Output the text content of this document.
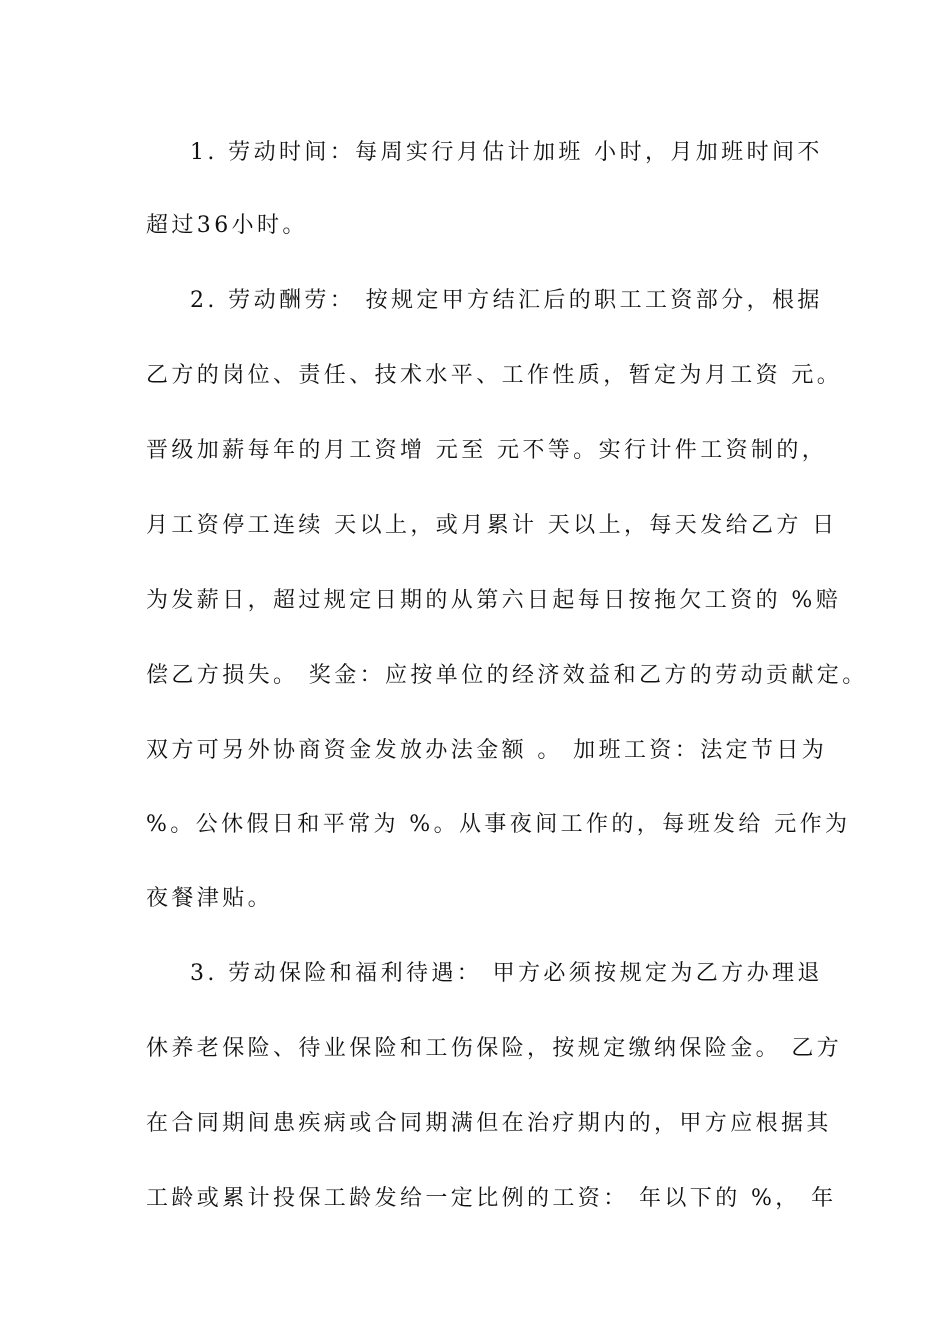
1. 劳动时间：每周实行月估计加班 小时，月加班时间不
超过36小时。
2. 劳动酬劳： 按规定甲方结汇后的职工工资部分，根据
乙方的岗位、责任、技术水平、工作性质，暂定为月工资 元。
晋级加薪每年的月工资增 元至 元不等。实行计件工资制的，
月工资停工连续 天以上，或月累计 天以上，每天发给乙方 日
为发薪日，超过规定日期的从第六日起每日按拖欠工资的 %赔
偿乙方损失。 奖金：应按单位的经济效益和乙方的劳动贡献定。
双方可另外协商资金发放办法金额 。 加班工资：法定节日为
%。公休假日和平常为 %。从事夜间工作的，每班发给 元作为
夜餐津贴。
3. 劳动保险和福利待遇： 甲方必须按规定为乙方办理退
休养老保险、待业保险和工伤保险，按规定缴纳保险金。 乙方
在合同期间患疾病或合同期满但在治疗期内的，甲方应根据其
工龄或累计投保工龄发给一定比例的工资： 年以下的 %， 年
